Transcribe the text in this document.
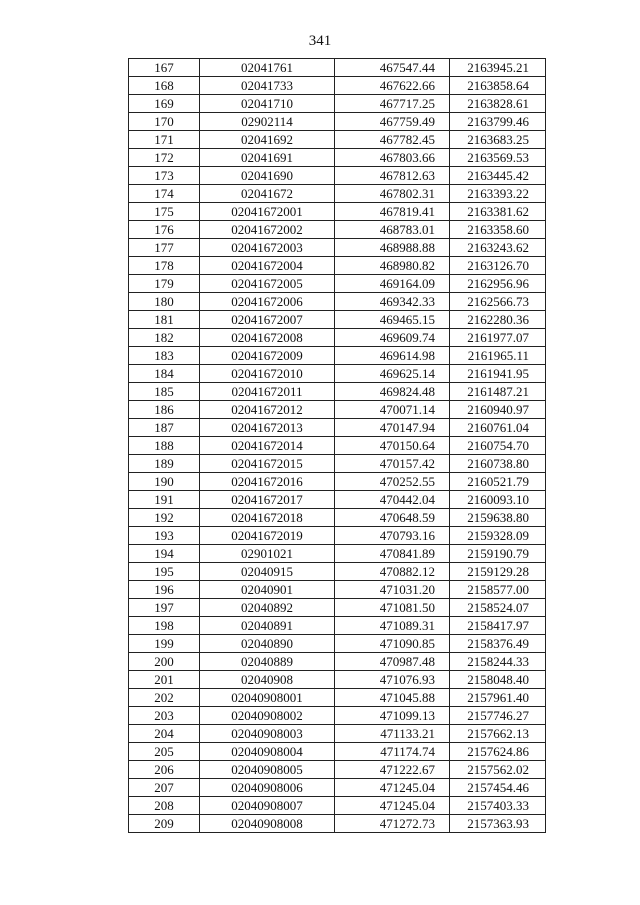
341
167	02041761	467547.44	2163945.21
168	02041733	467622.66	2163858.64
169	02041710	467717.25	2163828.61
170	02902114	467759.49	2163799.46
171	02041692	467782.45	2163683.25
172	02041691	467803.66	2163569.53
173	02041690	467812.63	2163445.42
174	02041672	467802.31	2163393.22
175	02041672001	467819.41	2163381.62
176	02041672002	468783.01	2163358.60
177	02041672003	468988.88	2163243.62
178	02041672004	468980.82	2163126.70
179	02041672005	469164.09	2162956.96
180	02041672006	469342.33	2162566.73
181	02041672007	469465.15	2162280.36
182	02041672008	469609.74	2161977.07
183	02041672009	469614.98	2161965.11
184	02041672010	469625.14	2161941.95
185	02041672011	469824.48	2161487.21
186	02041672012	470071.14	2160940.97
187	02041672013	470147.94	2160761.04
188	02041672014	470150.64	2160754.70
189	02041672015	470157.42	2160738.80
190	02041672016	470252.55	2160521.79
191	02041672017	470442.04	2160093.10
192	02041672018	470648.59	2159638.80
193	02041672019	470793.16	2159328.09
194	02901021	470841.89	2159190.79
195	02040915	470882.12	2159129.28
196	02040901	471031.20	2158577.00
197	02040892	471081.50	2158524.07
198	02040891	471089.31	2158417.97
199	02040890	471090.85	2158376.49
200	02040889	470987.48	2158244.33
201	02040908	471076.93	2158048.40
202	02040908001	471045.88	2157961.40
203	02040908002	471099.13	2157746.27
204	02040908003	471133.21	2157662.13
205	02040908004	471174.74	2157624.86
206	02040908005	471222.67	2157562.02
207	02040908006	471245.04	2157454.46
208	02040908007	471245.04	2157403.33
209	02040908008	471272.73	2157363.93
